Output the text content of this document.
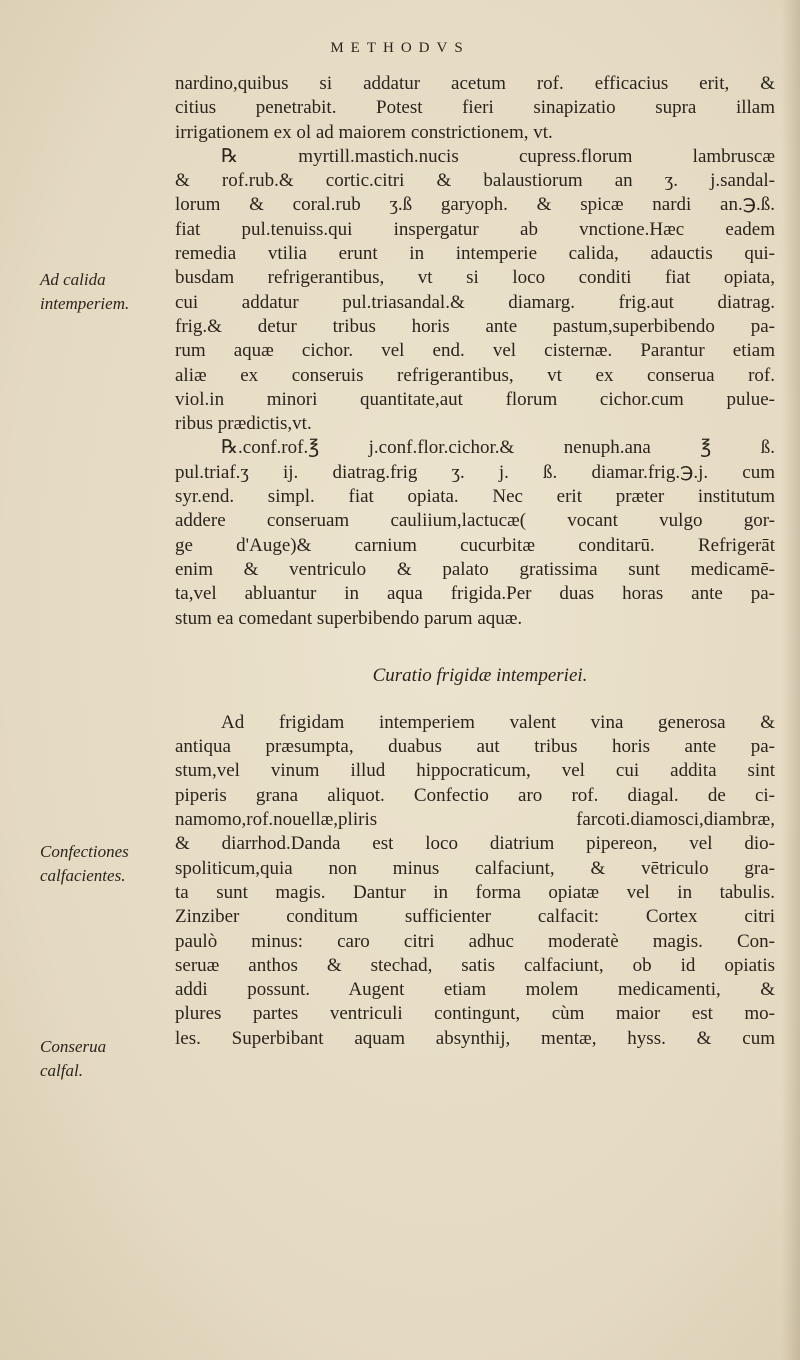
METHODVS
Ad calida
intemperiem.
Confectiones
calfacientes.
Conserua
calfal.
nardino,quibus si addatur acetum rof. efficacius erit, &
citius penetrabit. Potest fieri sinapizatio supra illam
irrigationem ex ol ad maiorem constrictionem, vt.
℞ myrtill.mastich.nucis cupress.florum lambruscæ
& rof.rub.& cortic.citri & balaustiorum an ʒ. j.sandal-
lorum & coral.rub ʒ.ß garyoph. & spicæ nardi an.℈.ß.
fiat pul.tenuiss.qui inspergatur ab vnctione.Hæc eadem
remedia vtilia erunt in intemperie calida, adauctis qui-
busdam refrigerantibus, vt si loco conditi fiat opiata,
cui addatur pul.triasandal.& diamarg. frig.aut diatrag.
frig.& detur tribus horis ante pastum,superbibendo pa-
rum aquæ cichor. vel end. vel cisternæ. Parantur etiam
aliæ ex conseruis refrigerantibus, vt ex conserua rof.
viol.in minori quantitate,aut florum cichor.cum pulue-
ribus prædictis,vt.
℞.conf.rof.℥ j.conf.flor.cichor.& nenuph.ana ℥ ß.
pul.triaf.ʒ ij. diatrag.frig ʒ. j. ß. diamar.frig.℈.j. cum
syr.end. simpl. fiat opiata. Nec erit præter institutum
addere conseruam cauliium,lactucæ( vocant vulgo gor-
ge d'Auge)& carnium cucurbitæ conditarū. Refrigerāt
enim & ventriculo & palato gratissima sunt medicamē-
ta,vel abluantur in aqua frigida.Per duas horas ante pa-
stum ea comedant superbibendo parum aquæ.
Curatio frigidæ intemperiei.
Ad frigidam intemperiem valent vina generosa &
antiqua præsumpta, duabus aut tribus horis ante pa-
stum,vel vinum illud hippocraticum, vel cui addita sint
piperis grana aliquot. Confectio aro rof. diagal. de ci-
namomo,rof.nouellæ,pliris farcoti.diamosci,diambræ,
& diarrhod.Danda est loco diatrium pipereon, vel dio-
spoliticum,quia non minus calfaciunt, & vētriculo gra-
ta sunt magis. Dantur in forma opiatæ vel in tabulis.
Zinziber conditum sufficienter calfacit: Cortex citri
paulò minus: caro citri adhuc moderatè magis. Con-
seruæ anthos & stechad, satis calfaciunt, ob id opiatis
addi possunt. Augent etiam molem medicamenti, &
plures partes ventriculi contingunt, cùm maior est mo-
les. Superbibant aquam absynthij, mentæ, hyss. & cum
